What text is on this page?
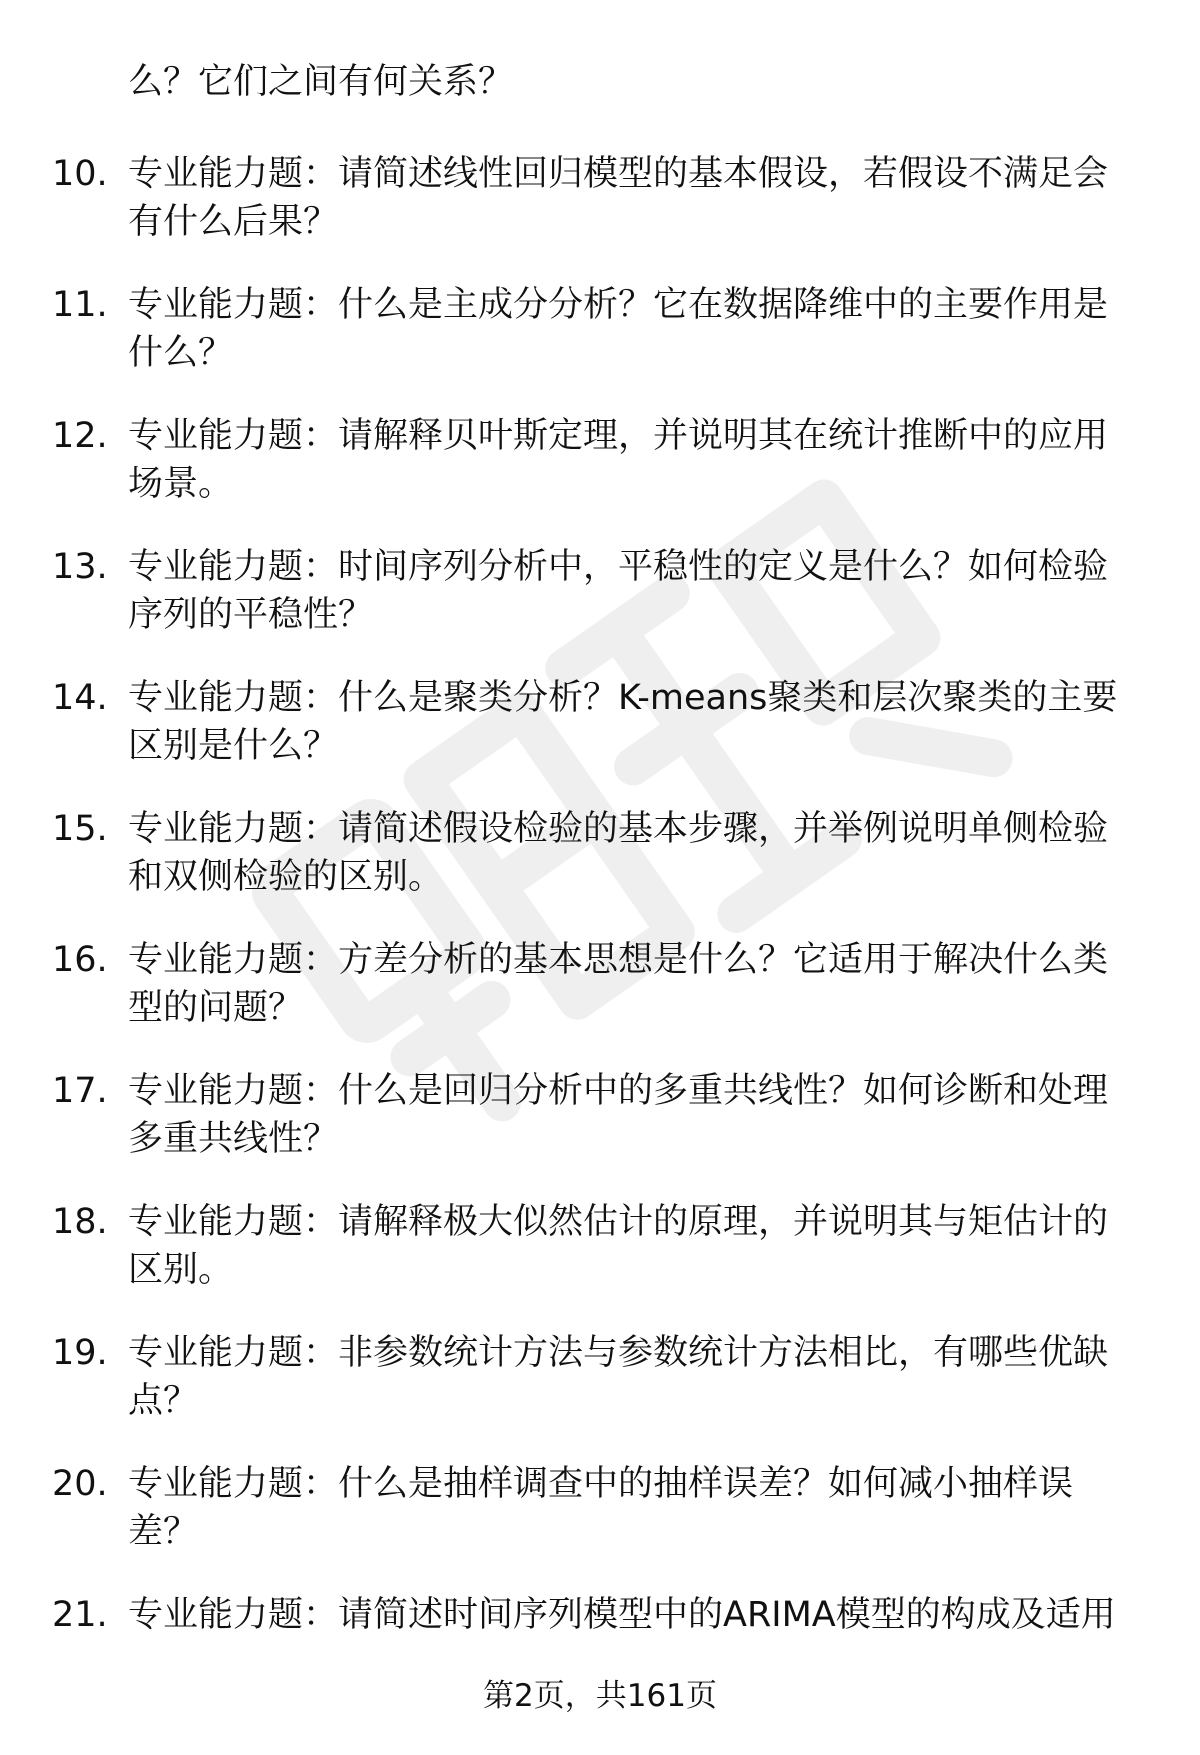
么？它们之间有何关系？
10. 专业能力题：请简述线性回归模型的基本假设，若假设不满足会
有什么后果？
11. 专业能力题：什么是主成分分析？它在数据降维中的主要作用是
什么？
12. 专业能力题：请解释贝叶斯定理，并说明其在统计推断中的应用
场景。
13. 专业能力题：时间序列分析中，平稳性的定义是什么？如何检验
序列的平稳性？
14. 专业能力题：什么是聚类分析？K-means聚类和层次聚类的主要
区别是什么？
15. 专业能力题：请简述假设检验的基本步骤，并举例说明单侧检验
和双侧检验的区别。
16. 专业能力题：方差分析的基本思想是什么？它适用于解决什么类
型的问题？
17. 专业能力题：什么是回归分析中的多重共线性？如何诊断和处理
多重共线性？
18. 专业能力题：请解释极大似然估计的原理，并说明其与矩估计的
区别。
19. 专业能力题：非参数统计方法与参数统计方法相比，有哪些优缺
点？
20. 专业能力题：什么是抽样调查中的抽样误差？如何减小抽样误
差？
21. 专业能力题：请简述时间序列模型中的ARIMA模型的构成及适用
第2页，共161页
